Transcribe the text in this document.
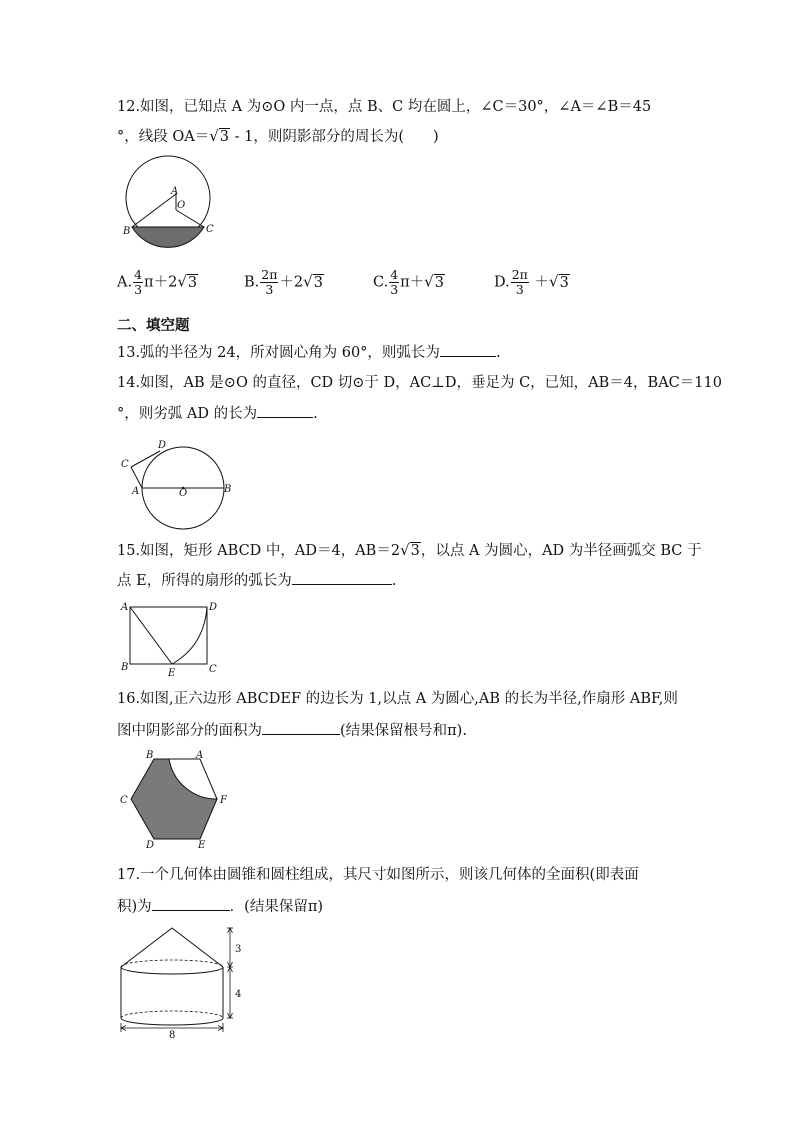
12.如图，已知点 A 为⊙O 内一点，点 B、C 均在圆上，∠C＝30°，∠A＝∠B＝45
°，线段 OA＝√3 - 1，则阴影部分的周长为(　　)
A
O
B	C
A. $\frac{4}{3} \pi+2√3$	B. $\frac{2\pi}{3} +2√3$	C. $\frac{4}{3} \pi+√3$	D. $\frac{2\pi}{3} +√3$
二、填空题
13.弧的半径为 24，所对圆心角为 60°，则弧长为	.
14.如图，AB 是⊙O 的直径，CD 切⊙于 D，AC⊥D，垂足为 C，已知，AB＝4，BAC＝110
°，则劣弧 AD 的长为	.
C
D
A	O	B
15.如图，矩形 ABCD 中，AD＝4，AB＝2√3，以点 A 为圆心，AD 为半径画弧交 BC 于
点 E，所得的扇形的弧长为	.
A	D
B
E	C
16.如图,正六边形 ABCDEF 的边长为 1,以点 A 为圆心,AB 的长为半径,作扇形 ABF,则
图中阴影部分的面积为	(结果保留根号和π).
B	A
C	F
D	E
17.一个几何体由圆锥和圆柱组成，其尺寸如图所示，则该几何体的全面积(即表面
积)为	．(结果保留π)
3
4
8
